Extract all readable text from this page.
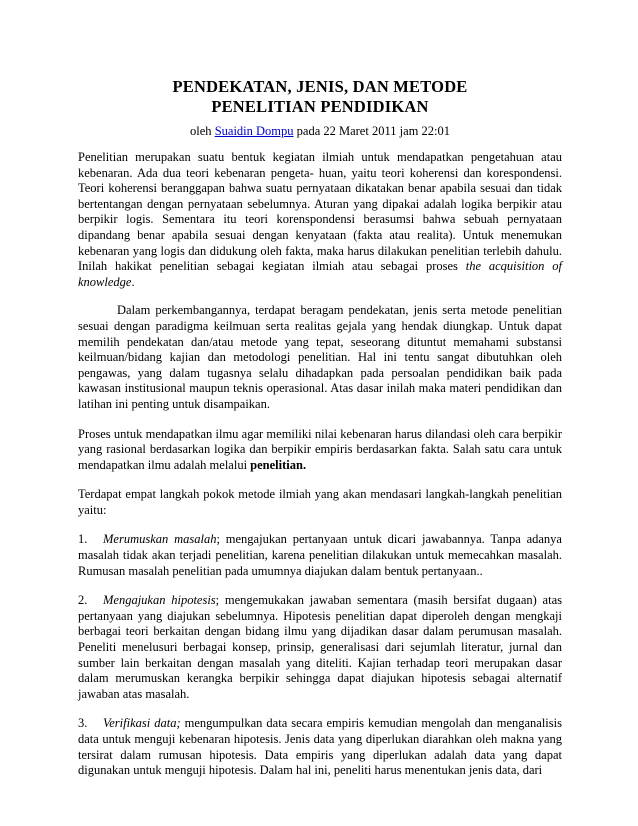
PENDEKATAN, JENIS, DAN METODE
PENELITIAN PENDIDIKAN
oleh Suaidin Dompu pada 22 Maret 2011 jam 22:01

Penelitian merupakan suatu bentuk kegiatan ilmiah untuk mendapatkan pengetahuan atau kebenaran. Ada dua teori kebenaran pengeta- huan, yaitu teori koherensi dan korespondensi. Teori koherensi beranggapan bahwa suatu pernyataan dikatakan benar apabila sesuai dan tidak bertentangan dengan pernyataan sebelumnya. Aturan yang dipakai adalah logika berpikir atau berpikir logis. Sementara itu teori korenspondensi berasumsi bahwa sebuah pernyataan dipandang benar apabila sesuai dengan kenyataan (fakta atau realita). Untuk menemukan kebenaran yang logis dan didukung oleh fakta, maka harus dilakukan penelitian terlebih dahulu. Inilah hakikat penelitian sebagai kegiatan ilmiah atau sebagai proses the acquisition of knowledge.

Dalam perkembangannya, terdapat beragam pendekatan, jenis serta metode penelitian sesuai dengan paradigma keilmuan serta realitas gejala yang hendak diungkap. Untuk dapat memilih pendekatan dan/atau metode yang tepat, seseorang dituntut memahami substansi keilmuan/bidang kajian dan metodologi penelitian. Hal ini tentu sangat dibutuhkan oleh pengawas, yang dalam tugasnya selalu dihadapkan pada persoalan pendidikan baik pada kawasan institusional maupun teknis operasional. Atas dasar inilah maka materi pendidikan dan latihan ini penting untuk disampaikan.

Proses untuk mendapatkan ilmu agar memiliki nilai kebenaran harus dilandasi oleh cara berpikir yang rasional berdasarkan logika dan berpikir empiris berdasarkan fakta. Salah satu cara untuk mendapatkan ilmu adalah melalui penelitian.

Terdapat empat langkah pokok metode ilmiah yang akan mendasari langkah-langkah penelitian yaitu:

1. Merumuskan masalah; mengajukan pertanyaan untuk dicari jawabannya. Tanpa adanya masalah tidak akan terjadi penelitian, karena penelitian dilakukan untuk memecahkan masalah. Rumusan masalah penelitian pada umumnya diajukan dalam bentuk pertanyaan..

2. Mengajukan hipotesis; mengemukakan jawaban sementara (masih bersifat dugaan) atas pertanyaan yang diajukan sebelumnya. Hipotesis penelitian dapat diperoleh dengan mengkaji berbagai teori berkaitan dengan bidang ilmu yang dijadikan dasar dalam perumusan masalah. Peneliti menelusuri berbagai konsep, prinsip, generalisasi dari sejumlah literatur, jurnal dan sumber lain berkaitan dengan masalah yang diteliti. Kajian terhadap teori merupakan dasar dalam merumuskan kerangka berpikir sehingga dapat diajukan hipotesis sebagai alternatif jawaban atas masalah.

3. Verifikasi data; mengumpulkan data secara empiris kemudian mengolah dan menganalisis data untuk menguji kebenaran hipotesis. Jenis data yang diperlukan diarahkan oleh makna yang tersirat dalam rumusan hipotesis. Data empiris yang diperlukan adalah data yang dapat digunakan untuk menguji hipotesis. Dalam hal ini, peneliti harus menentukan jenis data, dari
